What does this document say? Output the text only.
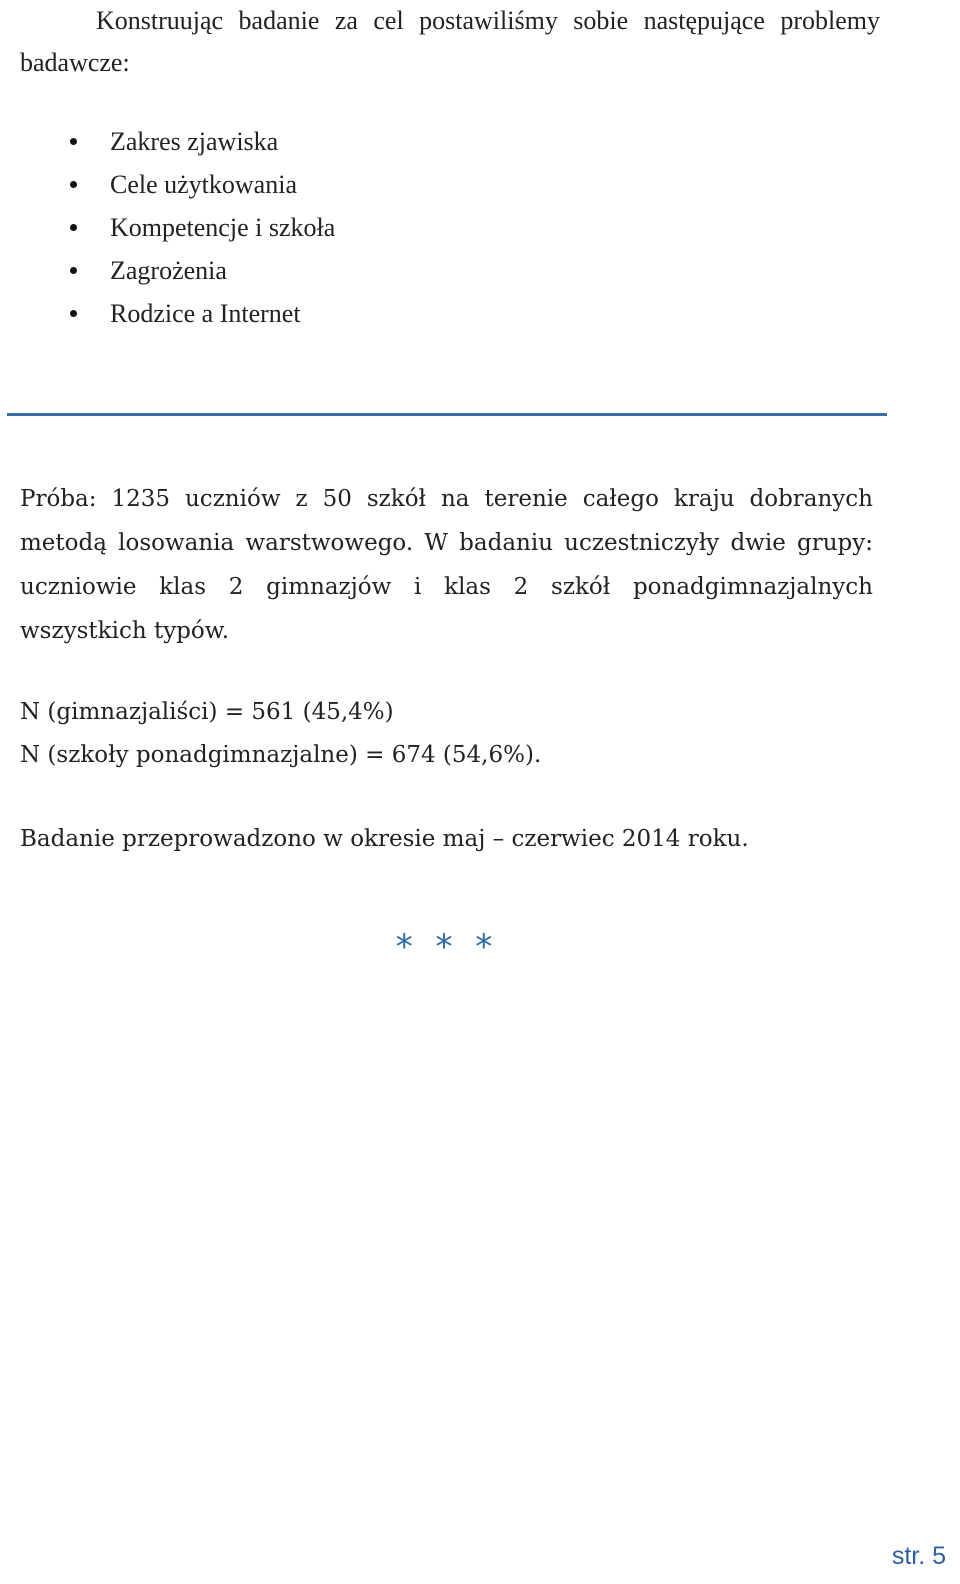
Konstruując badanie za cel postawiliśmy sobie następujące problemy badawcze:

Zakres zjawiska
Cele użytkowania
Kompetencje i szkoła
Zagrożenia
Rodzice a Internet

Próba: 1235 uczniów z 50 szkół na terenie całego kraju dobranych metodą losowania warstwowego. W badaniu uczestniczyły dwie grupy: uczniowie klas 2 gimnazjów i klas 2 szkół ponadgimnazjalnych wszystkich typów.

N (gimnazjaliści) = 561 (45,4%)

N (szkoły ponadgimnazjalne) = 674 (54,6%).

Badanie przeprowadzono w okresie maj – czerwiec 2014 roku.

* * *
str. 5
